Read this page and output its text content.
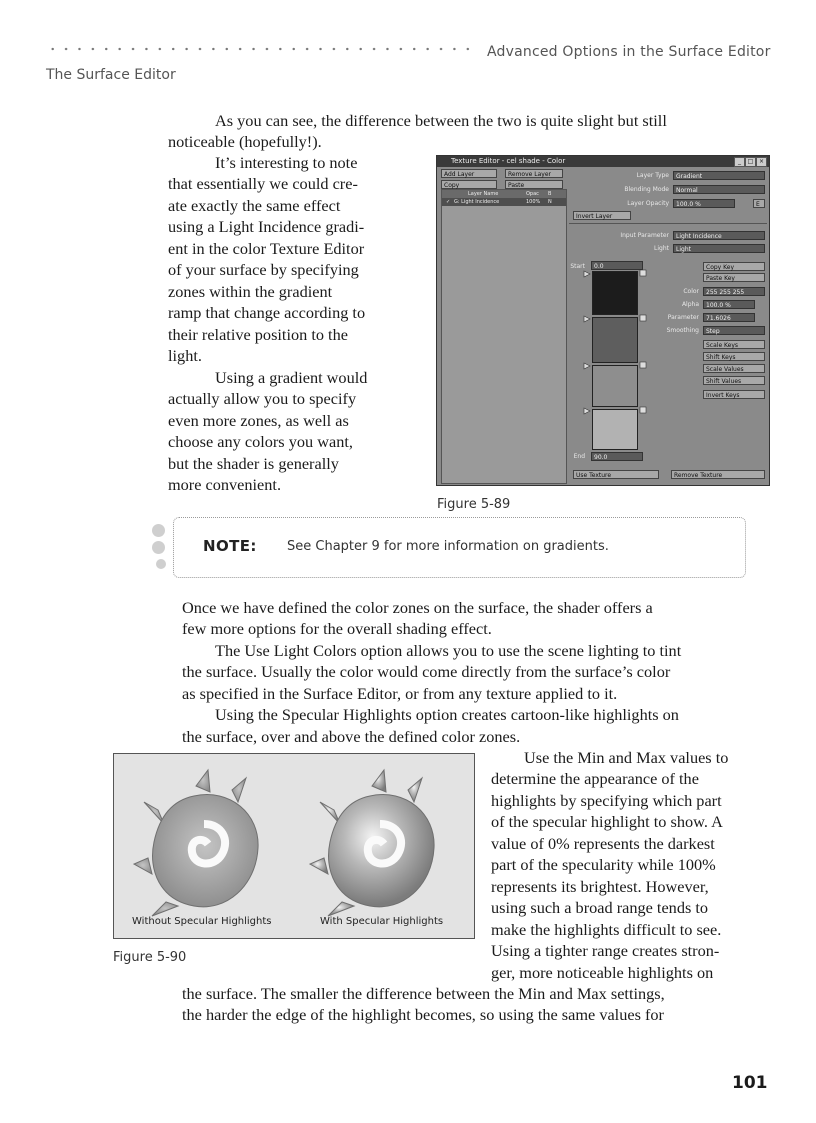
Advanced Options in the Surface Editor
The Surface Editor

As you can see, the difference between the two is quite slight but still

noticeable (hopefully!).

It’s interesting to note

that essentially we could cre-

ate exactly the same effect

using a Light Incidence gradi-

ent in the color Texture Editor

of your surface by specifying

zones within the gradient

ramp that change according to

their relative position to the

light.

Using a gradient would

actually allow you to specify

even more zones, as well as

choose any colors you want,

but the shader is generally

more convenient.

Texture Editor - cel shade - Color	_	□ ×
Add Layer	Remove Layer
Copy	Paste
Layer Name	Opac B
✓ G: Light Incidence	100% N
Layer Type	Gradient
Blending Mode	Normal
Layer Opacity	100.0 %	E
Invert Layer
Input Parameter	Light Incidence
Light	Light
Start	0.0
End	90.0
Copy Key
Paste Key
Color	255 255 255
Alpha	100.0 %
Parameter	71.6026
Smoothing	Step
Scale Keys
Shift Keys
Scale Values
Shift Values
Invert Keys
Use Texture	Remove Texture
Figure 5-89
NOTE: See Chapter 9 for more information on gradients.

Once we have defined the color zones on the surface, the shader offers a

few more options for the overall shading effect.

The Use Light Colors option allows you to use the scene lighting to tint

the surface. Usually the color would come directly from the surface’s color

as specified in the Surface Editor, or from any texture applied to it.

Using the Specular Highlights option creates cartoon-like highlights on

the surface, over and above the defined color zones.

Use the Min and Max values to

determine the appearance of the

highlights by specifying which part

of the specular highlight to show. A

value of 0% represents the darkest

part of the specularity while 100%

represents its brightest. However,

using such a broad range tends to

make the highlights difficult to see.

Using a tighter range creates stron-

ger, more noticeable highlights on

Without Specular Highlights	With Specular Highlights
Figure 5-90

the surface. The smaller the difference between the Min and Max settings,

the harder the edge of the highlight becomes, so using the same values for

101
